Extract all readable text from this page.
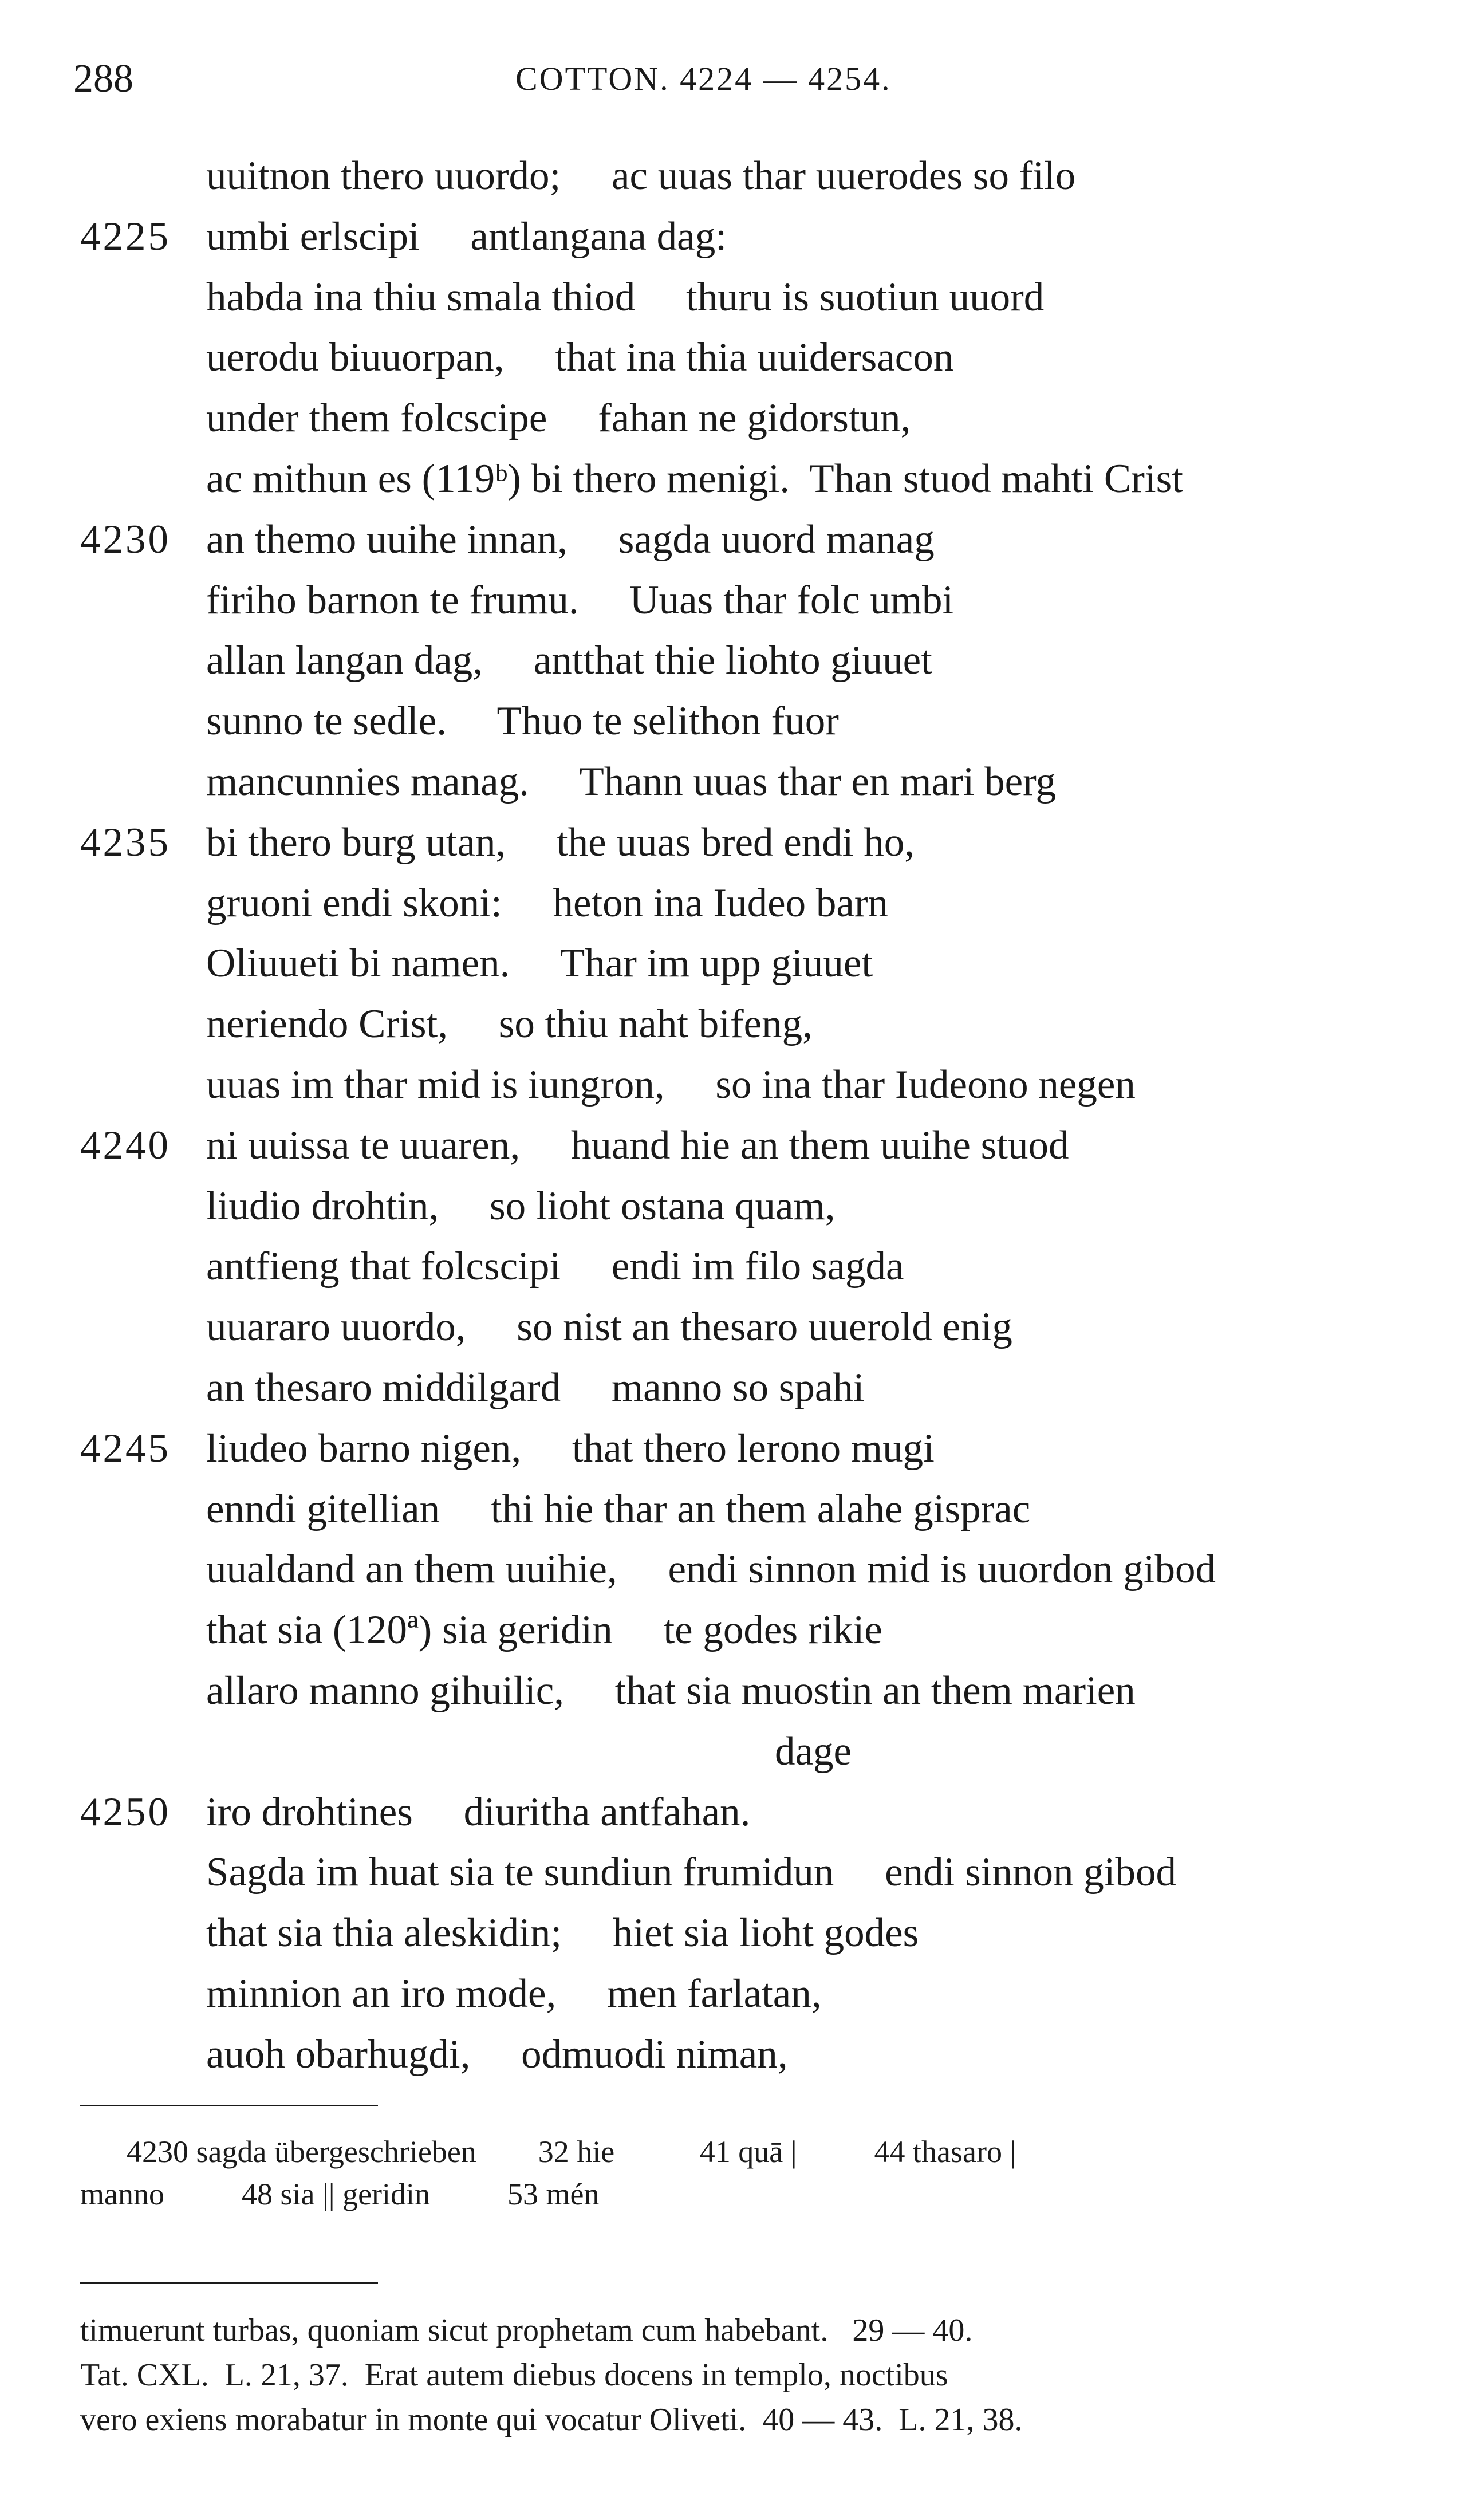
288	COTTON. 4224 — 4254.
uuitnon thero uuordo;     ac uuas thar uuerodes so filo
4225 umbi erlscipi     antlangana dag:
habda ina thiu smala thiod     thuru is suotiun uuord
uerodu biuuorpan,     that ina thia uuidersacon
under them folcscipe     fahan ne gidorstun,
ac mithun es (119ᵇ) bi thero menigi.  Than stuod mahti Crist
4230 an themo uuihe innan,     sagda uuord manag
firiho barnon te frumu.     Uuas thar folc umbi
allan langan dag,     antthat thie liohto giuuet
sunno te sedle.     Thuo te selithon fuor
mancunnies manag.     Thann uuas thar en mari berg
4235 bi thero burg utan,     the uuas bred endi ho,
gruoni endi skoni:     heton ina Iudeo barn
Oliuueti bi namen.     Thar im upp giuuet
neriendo Crist,     so thiu naht bifeng,
uuas im thar mid is iungron,     so ina thar Iudeono negen
4240 ni uuissa te uuaren,     huand hie an them uuihe stuod
liudio drohtin,     so lioht ostana quam,
antfieng that folcscipi     endi im filo sagda
uuararo uuordo,     so nist an thesaro uuerold enig
an thesaro middilgard     manno so spahi
4245 liudeo barno nigen,     that thero lerono mugi
enndi gitellian     thi hie thar an them alahe gisprac
uualdand an them uuihie,     endi sinnon mid is uuordon gibod
that sia (120ª) sia geridin     te godes rikie
allaro manno gihuilic,     that sia muostin an them marien
dage
4250 iro drohtines     diuritha antfahan.
Sagda im huat sia te sundiun frumidun     endi sinnon gibod
that sia thia aleskidin;     hiet sia lioht godes
minnion an iro mode,     men farlatan,
auoh obarhugdi,     odmuodi niman,
4230 sagda übergeschrieben        32 hie           41 quā |          44 thasaro |
manno          48 sia || geridin          53 mén
timuerunt turbas, quoniam sicut prophetam cum habebant.   29 — 40.
Tat. CXL.  L. 21, 37.  Erat autem diebus docens in templo, noctibus
vero exiens morabatur in monte qui vocatur Oliveti.  40 — 43.  L. 21, 38.
